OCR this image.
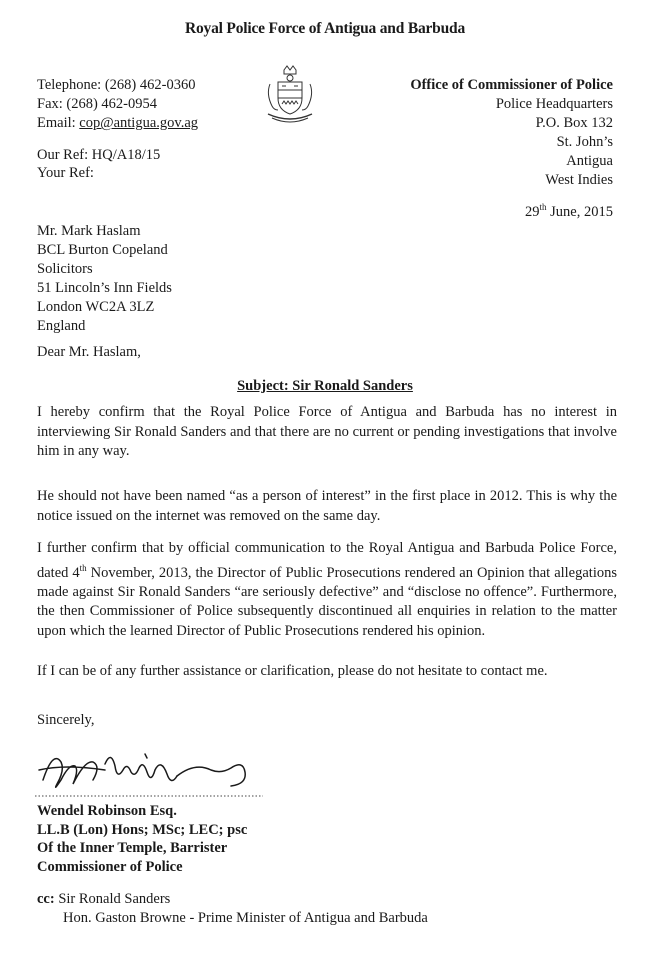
Royal Police Force of Antigua and Barbuda
Telephone: (268) 462-0360
Fax: (268) 462-0954
Email: cop@antigua.gov.ag
Office of Commissioner of Police
Police Headquarters
P.O. Box 132
St. John’s
Antigua
West Indies
Our Ref: HQ/A18/15
Your Ref:
29th June, 2015
Mr. Mark Haslam
BCL Burton Copeland
Solicitors
51 Lincoln’s Inn Fields
London WC2A 3LZ
England
Dear Mr. Haslam,
Subject: Sir Ronald Sanders
I hereby confirm that the Royal Police Force of Antigua and Barbuda has no interest in interviewing Sir Ronald Sanders and that there are no current or pending investigations that involve him in any way.
He should not have been named “as a person of interest” in the first place in 2012. This is why the notice issued on the internet was removed on the same day.
I further confirm that by official communication to the Royal Antigua and Barbuda Police Force, dated 4th November, 2013, the Director of Public Prosecutions rendered an Opinion that allegations made against Sir Ronald Sanders “are seriously defective” and “disclose no offence”. Furthermore, the then Commissioner of Police subsequently discontinued all enquiries in relation to the matter upon which the learned Director of Public Prosecutions rendered his opinion.
If I can be of any further assistance or clarification, please do not hesitate to contact me.
Sincerely,
Wendel Robinson Esq.
LL.B (Lon) Hons; MSc; LEC; psc
Of the Inner Temple, Barrister
Commissioner of Police
cc: Sir Ronald Sanders
Hon. Gaston Browne - Prime Minister of Antigua and Barbuda
